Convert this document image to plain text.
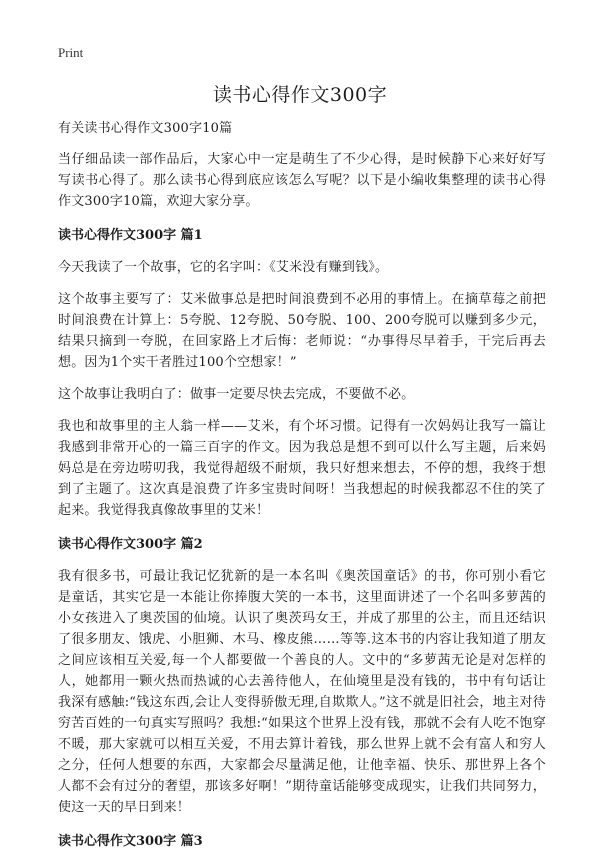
Print
读书心得作文300字

有关读书心得作文300字10篇

当仔细品读一部作品后，大家心中一定是萌生了不少心得，是时候静下心来好好写写读书心得了。那么读书心得到底应该怎么写呢？以下是小编收集整理的读书心得作文300字10篇，欢迎大家分享。

读书心得作文300字 篇1

今天我读了一个故事，它的名字叫：《艾米没有赚到钱》。

这个故事主要写了：艾米做事总是把时间浪费到不必用的事情上。在摘草莓之前把时间浪费在计算上：5夸脱、12夸脱、50夸脱、100、200夸脱可以赚到多少元，结果只摘到一夸脱，在回家路上才后悔：老师说：“办事得尽早着手，干完后再去想。因为1个实干者胜过100个空想家！”

这个故事让我明白了：做事一定要尽快去完成，不要做不必。

我也和故事里的主人翁一样——艾米，有个坏习惯。记得有一次妈妈让我写一篇让我感到非常开心的一篇三百字的作文。因为我总是想不到可以什么写主题，后来妈妈总是在旁边唠叨我，我觉得超级不耐烦，我只好想来想去，不停的想，我终于想到了主题了。这次真是浪费了许多宝贵时间呀！当我想起的时候我都忍不住的笑了起来。我觉得我真像故事里的艾米！

读书心得作文300字 篇2

我有很多书，可最让我记忆犹新的是一本名叫《奥茨国童话》的书，你可别小看它是童话，其实它是一本能让你捧腹大笑的一本书，这里面讲述了一个名叫多萝茜的小女孩进入了奥茨国的仙境。认识了奥茨玛女王，并成了那里的公主，而且还结识了很多朋友、饿虎、小胆狮、木马、橡皮熊……等等.这本书的内容让我知道了朋友之间应该相互关爱,每一个人都要做一个善良的人。文中的“多萝茜无论是对怎样的人，她都用一颗火热而热诚的心去善待他人，在仙境里是没有钱的，书中有句话让我深有感触:“钱这东西,会让人变得骄傲无理,自欺欺人。”这不就是旧社会，地主对待穷苦百姓的一句真实写照吗？我想:“如果这个世界上没有钱，那就不会有人吃不饱穿不暖，那大家就可以相互关爱，不用去算计着钱，那么世界上就不会有富人和穷人之分，任何人想要的东西，大家都会尽量满足他，让他幸福、快乐、那世界上各个人都不会有过分的奢望，那该多好啊！”期待童话能够变成现实，让我们共同努力，使这一天的早日到来！

读书心得作文300字 篇3
